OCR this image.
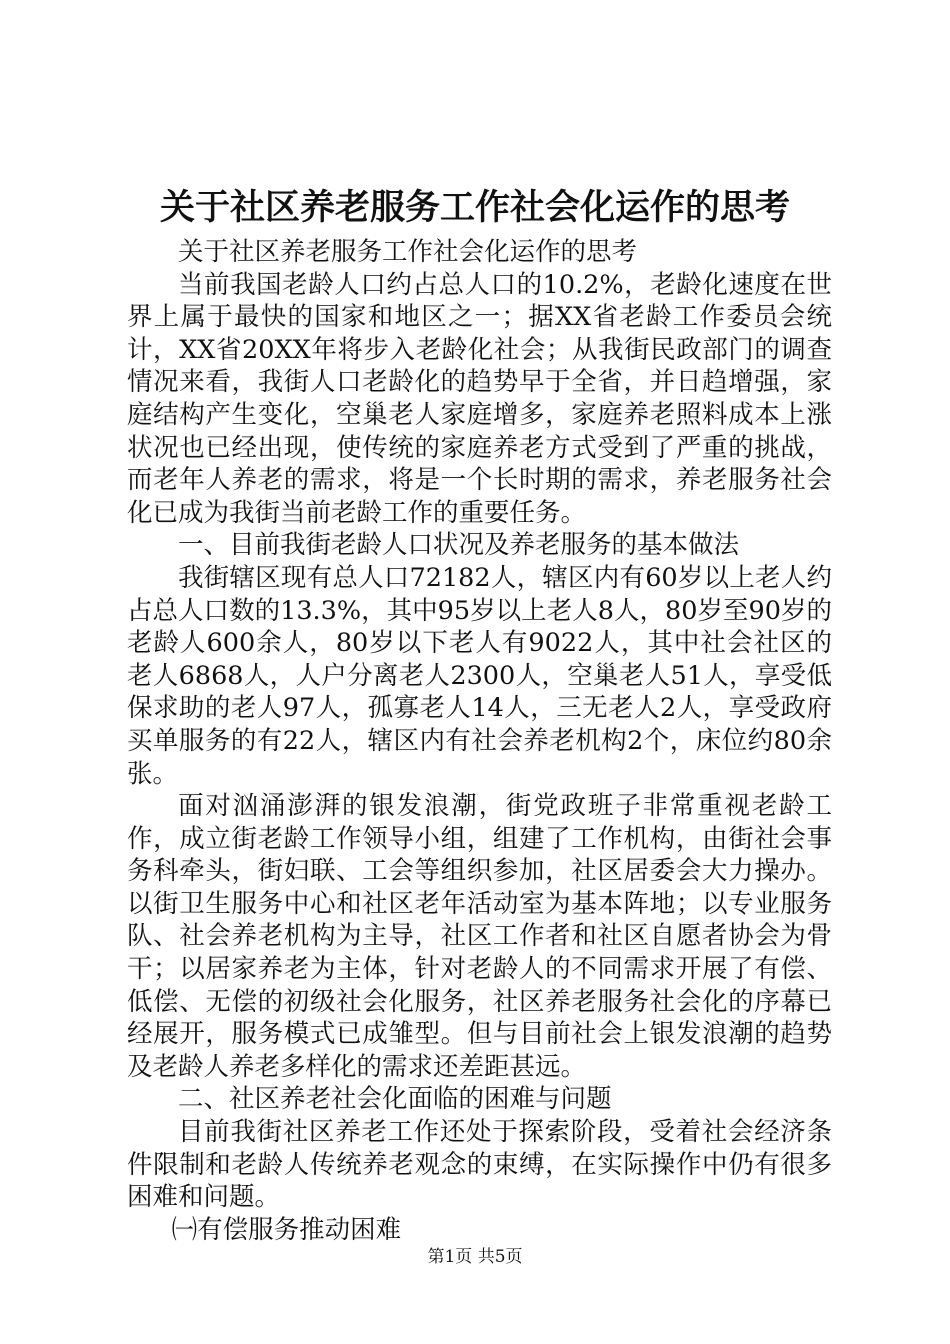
关于社区养老服务工作社会化运作的思考

关于社区养老服务工作社会化运作的思考

当前我国老龄人口约占总人口的10.2%，老龄化速度在世界上属于最快的国家和地区之一；据XX省老龄工作委员会统计，XX省20XX年将步入老龄化社会；从我街民政部门的调查情况来看，我街人口老龄化的趋势早于全省，并日趋增强，家庭结构产生变化，空巢老人家庭增多，家庭养老照料成本上涨状况也已经出现，使传统的家庭养老方式受到了严重的挑战，而老年人养老的需求，将是一个长时期的需求，养老服务社会化已成为我街当前老龄工作的重要任务。

一、目前我街老龄人口状况及养老服务的基本做法

我街辖区现有总人口72182人，辖区内有60岁以上老人约占总人口数的13.3%，其中95岁以上老人8人，80岁至90岁的老龄人600余人，80岁以下老人有9022人，其中社会社区的老人6868人，人户分离老人2300人，空巢老人51人，享受低保求助的老人97人，孤寡老人14人，三无老人2人，享受政府买单服务的有22人，辖区内有社会养老机构2个，床位约80余张。

面对汹涌澎湃的银发浪潮，街党政班子非常重视老龄工作，成立街老龄工作领导小组，组建了工作机构，由街社会事务科牵头，街妇联、工会等组织参加，社区居委会大力操办。以街卫生服务中心和社区老年活动室为基本阵地；以专业服务队、社会养老机构为主导，社区工作者和社区自愿者协会为骨干；以居家养老为主体，针对老龄人的不同需求开展了有偿、低偿、无偿的初级社会化服务，社区养老服务社会化的序幕已经展开，服务模式已成雏型。但与目前社会上银发浪潮的趋势及老龄人养老多样化的需求还差距甚远。

二、社区养老社会化面临的困难与问题

目前我街社区养老工作还处于探索阶段，受着社会经济条件限制和老龄人传统养老观念的束缚，在实际操作中仍有很多困难和问题。

㈠有偿服务推动困难

第1页 共5页
